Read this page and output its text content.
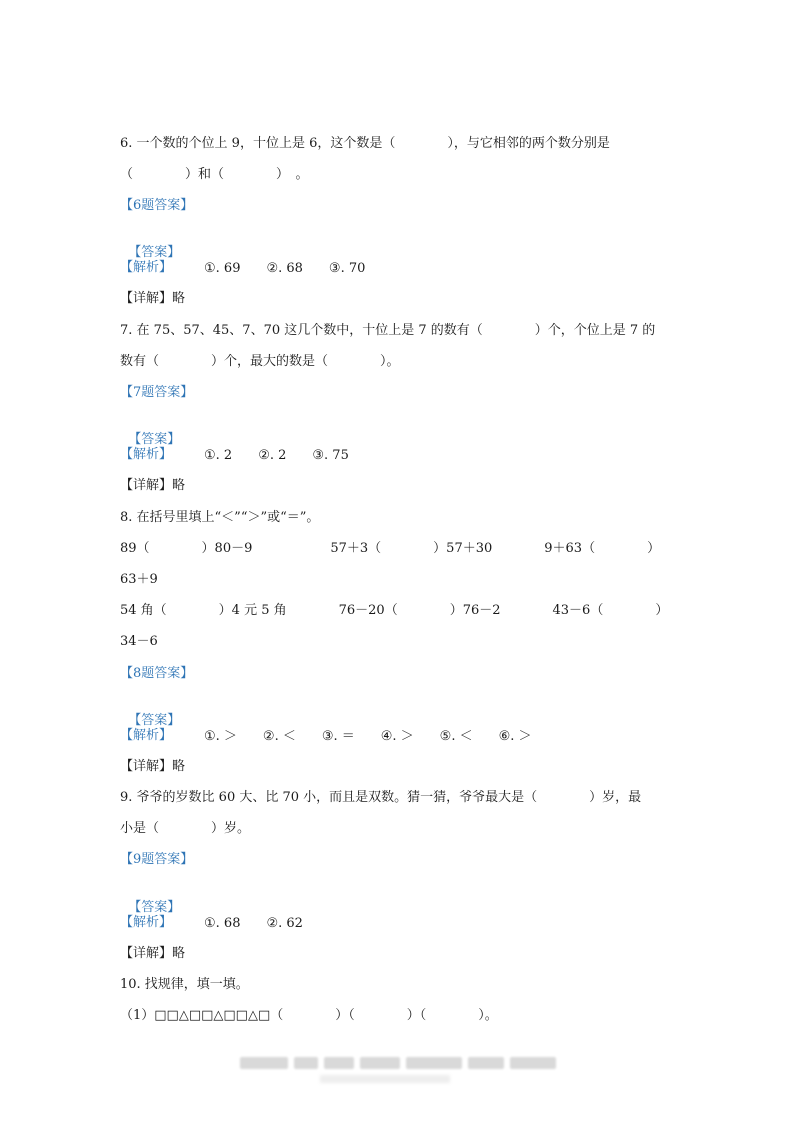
6. 一个数的个位上 9，十位上是 6，这个数是（　　　　），与它相邻的两个数分别是
（　　　　）和（　　　　）　。
【6题答案】

【答案】

①. 69　　②. 68　　③. 70

【解析】
【详解】略
7. 在 75、57、45、7、70 这几个数中，十位上是 7 的数有（　　　　）个，个位上是 7 的
数有（　　　　）个，最大的数是（　　　　）。
【7题答案】

【答案】

①. 2　　②. 2　　③. 75

【解析】
【详解】略
8. 在括号里填上“＜”“＞”或“＝”。
89（　　　　）80－9　　　　　　57＋3（　　　　）57＋30　　　　9＋63（　　　　）
63＋9
54 角（　　　　）4 元 5 角　　　　76－20（　　　　）76－2　　　　43－6（　　　　）
34－6
【8题答案】

【答案】

①. ＞　　②. ＜　　③. ＝　　④. ＞　　⑤. ＜　　⑥. ＞

【解析】
【详解】略
9. 爷爷的岁数比 60 大、比 70 小，而且是双数。猜一猜，爷爷最大是（　　　　）岁，最
小是（　　　　）岁。
【9题答案】

【答案】

①. 68　　②. 62

【解析】
【详解】略
10. 找规律，填一填。
（1）□□△□□△□□△□（　　　　）（　　　　）（　　　　）。
